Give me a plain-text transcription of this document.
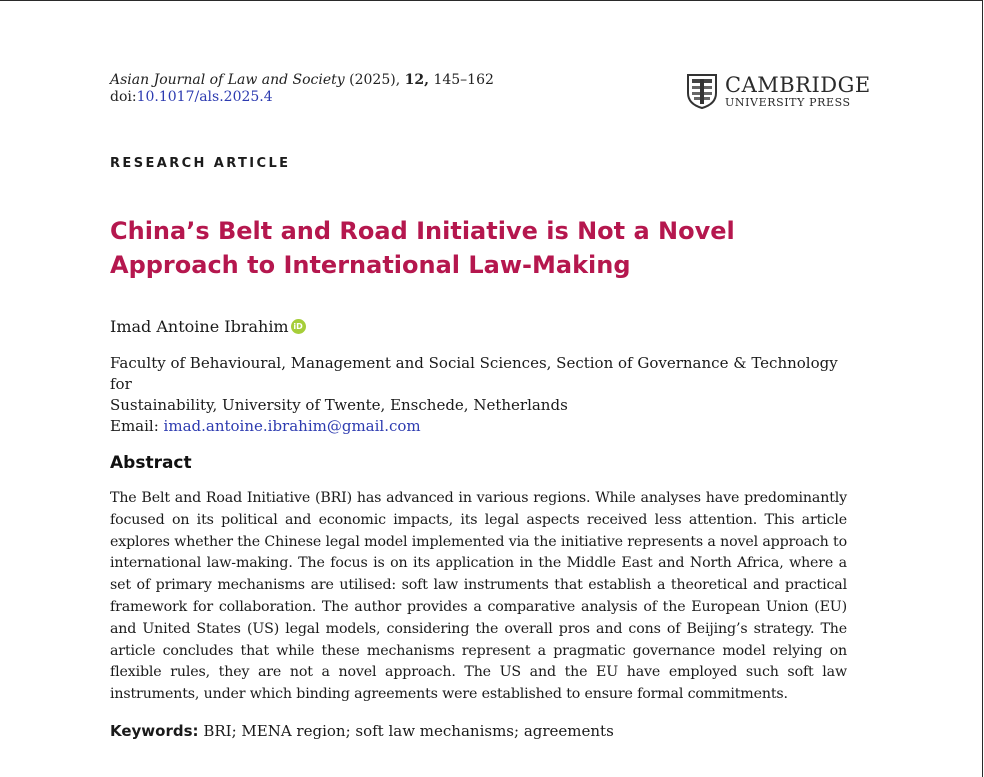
Asian Journal of Law and Society (2025), 12, 145–162
doi:10.1017/als.2025.4
CAMBRIDGE
UNIVERSITY PRESS
RESEARCH ARTICLE
China’s Belt and Road Initiative is Not a Novel
Approach to International Law-Making
Imad Antoine Ibrahim iD
Faculty of Behavioural, Management and Social Sciences, Section of Governance & Technology for
Sustainability, University of Twente, Enschede, Netherlands
Email: imad.antoine.ibrahim@gmail.com
Abstract

The Belt and Road Initiative (BRI) has advanced in various regions. While analyses have predominantly focused on its political and economic impacts, its legal aspects received less attention. This article explores whether the Chinese legal model implemented via the initiative represents a novel approach to international law-making. The focus is on its application in the Middle East and North Africa, where a set of primary mechanisms are utilised: soft law instruments that establish a theoretical and practical framework for collaboration. The author provides a comparative analysis of the European Union (EU) and United States (US) legal models, considering the overall pros and cons of Beijing’s strategy. The article concludes that while these mechanisms represent a pragmatic governance model relying on flexible rules, they are not a novel approach. The US and the EU have employed such soft law instruments, under which binding agreements were established to ensure formal commitments.

Keywords: BRI; MENA region; soft law mechanisms; agreements
